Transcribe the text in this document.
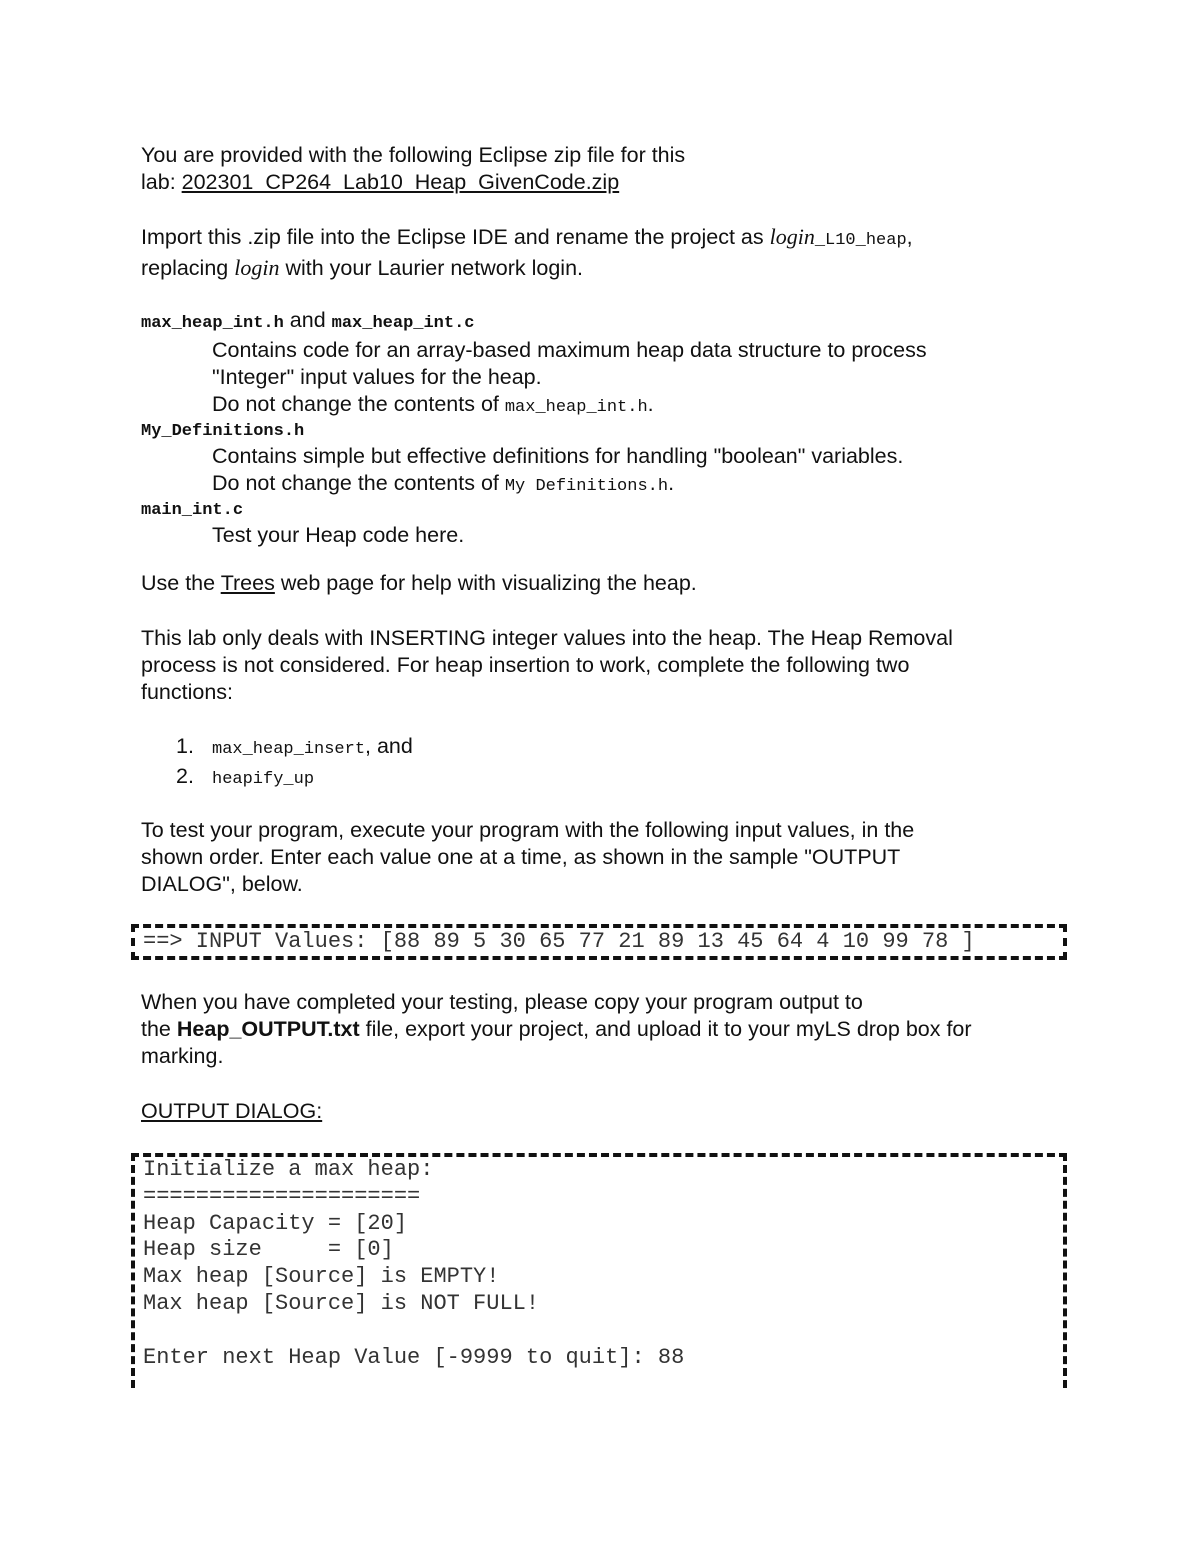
You are provided with the following Eclipse zip file for this
lab: 202301_CP264_Lab10_Heap_GivenCode.zip
Import this .zip file into the Eclipse IDE and rename the project as login_L10_heap,
replacing login with your Laurier network login.
max_heap_int.h and max_heap_int.c
Contains code for an array-based maximum heap data structure to process
"Integer" input values for the heap.
Do not change the contents of max_heap_int.h.
My_Definitions.h
Contains simple but effective definitions for handling "boolean" variables.
Do not change the contents of My Definitions.h.
main_int.c
Test your Heap code here.
Use the Trees web page for help with visualizing the heap.
This lab only deals with INSERTING integer values into the heap. The Heap Removal
process is not considered. For heap insertion to work, complete the following two
functions:
1. max_heap_insert, and
2. heapify_up
To test your program, execute your program with the following input values, in the
shown order. Enter each value one at a time, as shown in the sample "OUTPUT
DIALOG", below.
==> INPUT Values: [88 89 5 30 65 77 21 89 13 45 64 4 10 99 78 ]
When you have completed your testing, please copy your program output to
the Heap_OUTPUT.txt file, export your project, and upload it to your myLS drop box for
marking.
OUTPUT DIALOG:
Initialize a max heap:
=====================
Heap Capacity = [20]
Heap size     = [0]
Max heap [Source] is EMPTY!
Max heap [Source] is NOT FULL!
Enter next Heap Value [-9999 to quit]: 88
